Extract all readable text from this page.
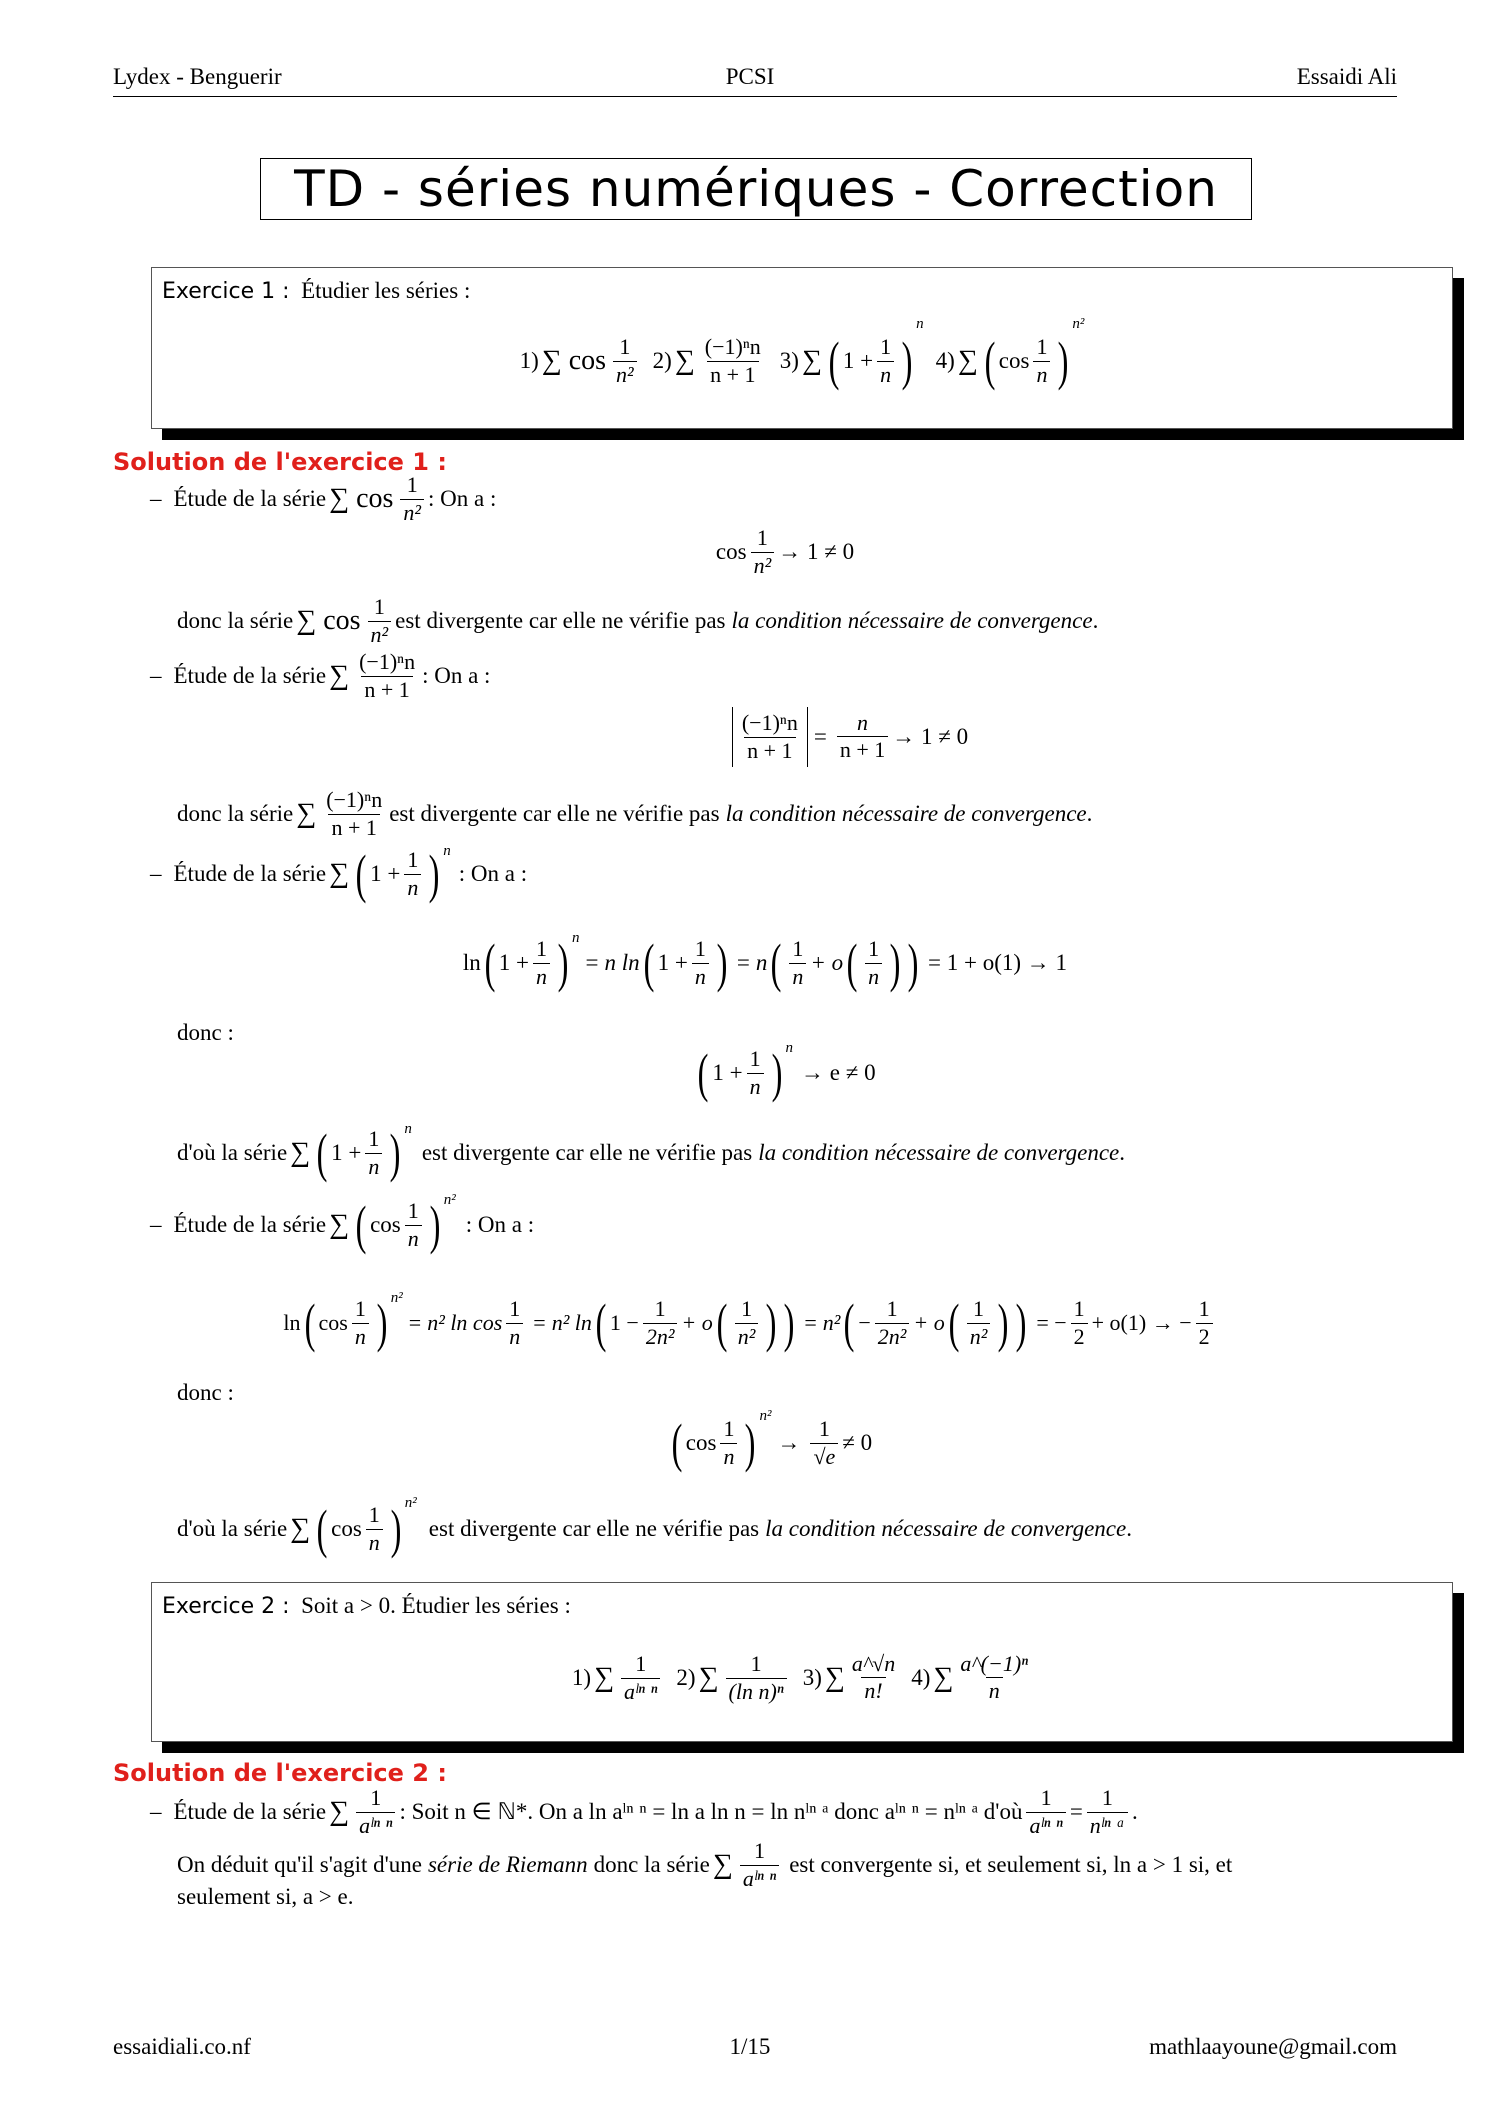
Lydex - Benguerir	PCSI	Essaidi Ali
TD - séries numériques - Correction
Exercice 1 : Étudier les séries :
1) ∑ $\cos \frac{1}{\text{n²}} 2$) ∑ $\frac{\text{(−1)ⁿn}}{n + 1} 3$) ∑ ( $1 + \frac{1}{n}$ )
n
4) ∑ ( $\cos \frac{1}{n}$ )
n²
Solution de l'exercice 1 :
– Étude de la série ∑ $\cos \frac{1}{\text{n²}}$ : On a :
$\cos \frac{1}{\text{n²}} \to 1 \ne 0$
donc la série ∑ $\cos \frac{1}{\text{n²}}$ est divergente car elle ne vérifie pas la condition nécessaire de convergence .
– Étude de la série ∑ $\frac{\text{(−1)ⁿn}}{n + 1}$ : On a :
$\frac{\text{(−1)ⁿn}}{n + 1} = \frac{n}{n + 1} \to 1 \ne 0$
donc la série ∑ $\frac{\text{(−1)ⁿn}}{n + 1}$ est divergente car elle ne vérifie pas la condition nécessaire de convergence .
– Étude de la série ∑ ( $1 + \frac{1}{n}$ ) $^n$
: On a :
ln ( $1 + \frac{1}{n}$ ) $^n$
= n ln ( $1 + \frac{1}{n}$ ) = n ( $\frac{1}{n} + o$ ( $\frac{1}{n}$ ) ) = 1 + o(1) → 1
donc :
( $1 + \frac{1}{n}$ ) $^n$
→ e ≠ 0
d'où la série ∑ ( $1 + \frac{1}{n}$ ) $^n$
est divergente car elle ne vérifie pas la condition nécessaire de convergence .
– Étude de la série ∑ ( $\cos \frac{1}{n}$ ) $^{n^2}$
: On a :
ln ( $\cos \frac{1}{n}$ ) $^{n^2}$
= n² $\ln \cos \frac{1}{n} = n^2$ ln ( $1 - \frac{1}{\text{2n²}} + o$ ( $\frac{1}{\text{n²}}$ ) ) = n² ( − $\frac{1}{\text{2n²}} + o$ ( $\frac{1}{\text{n²}}$ ) ) = − $\frac{1}{2} + o(1)$ → − $\frac{1}{2}$
donc :
( $\cos \frac{1}{n}$ ) $^{n^2}$
→ $\frac{1}{√e} \ne 0$
d'où la série ∑ ( $\cos \frac{1}{n}$ ) $^{n^2}$
est divergente car elle ne vérifie pas la condition nécessaire de convergence .
Exercice 2 : Soit a > 0. Étudier les séries :
1) ∑ $\frac{1}{\text{aˡⁿ ⁿ}} 2$) ∑ $\frac{1}{\text{(ln n)ⁿ}} 3$) ∑ $\frac{a\^{}√n}{n!} 4$) ∑ $\frac{\text{a\textasciicircum{}(−1)ⁿ}}{n}$
Solution de l'exercice 2 :
– Étude de la série ∑ $\frac{1}{\text{aˡⁿ ⁿ}}$ : Soit n ∈ ℕ*. On a ln aˡⁿ ⁿ = ln a ln n = ln nˡⁿ ᵃ donc aˡⁿ ⁿ = nˡⁿ ᵃ d'où $\frac{1}{\text{aˡⁿ ⁿ}} = \frac{1}{\text{nˡⁿ ᵃ}}$ .
On déduit qu'il s'agit d'une série de Riemann donc la série ∑ $\frac{1}{\text{aˡⁿ ⁿ}}$ est convergente si, et seulement si, ln a > 1 si, et
seulement si, a > e.
essaidiali.co.nf	1/15	mathlaayoune@gmail.com
